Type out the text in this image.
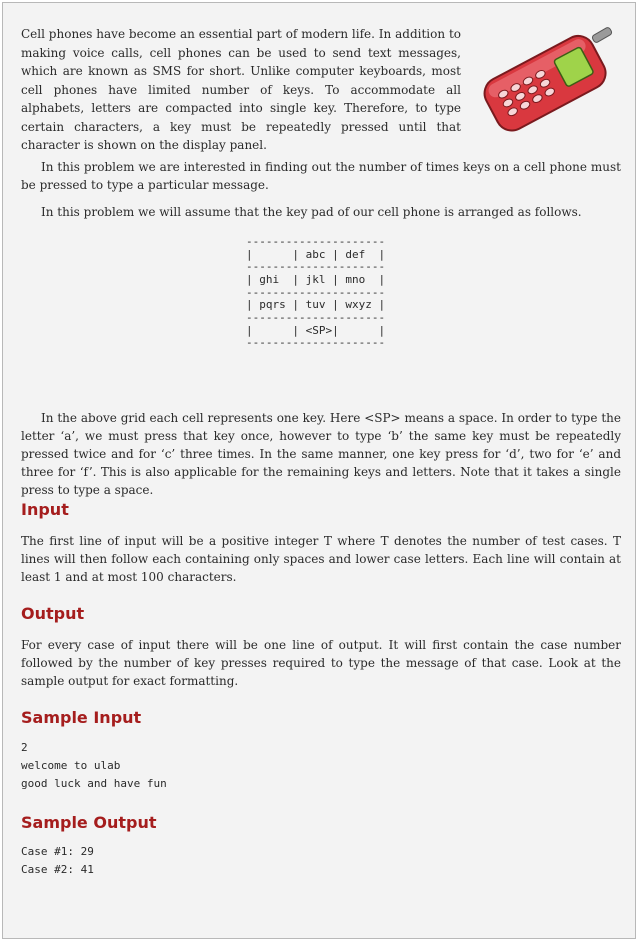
Cell phones have become an essential part of modern life. In addition to making voice calls, cell phones can be used to send text messages, which are known as SMS for short. Unlike computer keyboards, most cell phones have limited number of keys. To accommodate all alphabets, letters are compacted into single key. Therefore, to type certain characters, a key must be repeatedly pressed until that character is shown on the display panel.

In this problem we are interested in finding out the number of times keys on a cell phone must be pressed to type a particular message.

In this problem we will assume that the key pad of our cell phone is arranged as follows.

---------------------
|      | abc | def  |
---------------------
| ghi  | jkl | mno  |
---------------------
| pqrs | tuv | wxyz |
---------------------
|      | <SP>|      |
---------------------

In the above grid each cell represents one key. Here <SP> means a space. In order to type the letter ‘a’, we must press that key once, however to type ‘b’ the same key must be repeatedly pressed twice and for ‘c’ three times. In the same manner, one key press for ‘d’, two for ‘e’ and three for ‘f’. This is also applicable for the remaining keys and letters. Note that it takes a single press to type a space.

Input

The first line of input will be a positive integer T where T denotes the number of test cases. T lines will then follow each containing only spaces and lower case letters. Each line will contain at least 1 and at most 100 characters.

Output

For every case of input there will be one line of output. It will first contain the case number followed by the number of key presses required to type the message of that case. Look at the sample output for exact formatting.

Sample Input
2
welcome to ulab
good luck and have fun
Sample Output
Case #1: 29
Case #2: 41
